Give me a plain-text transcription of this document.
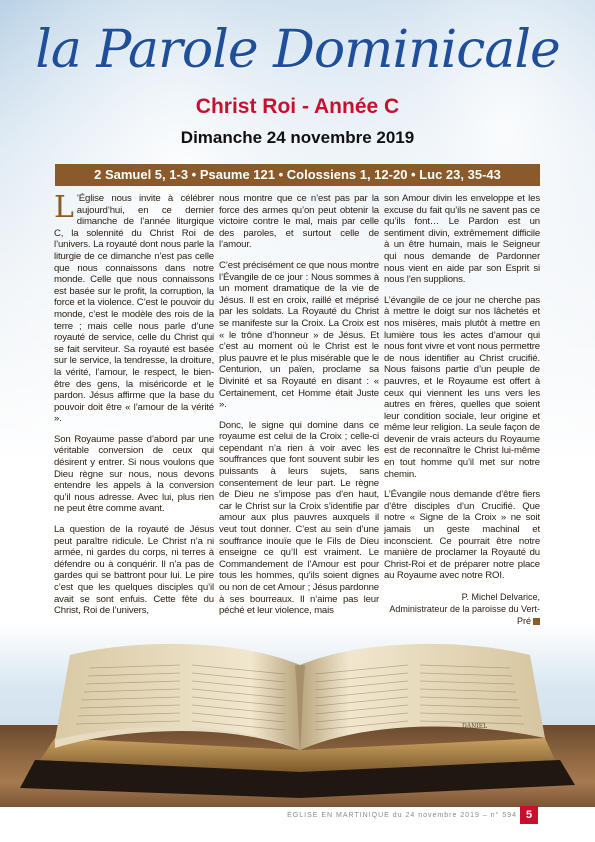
la Parole Dominicale
Christ Roi - Année C
Dimanche 24 novembre 2019
2 Samuel 5, 1-3 • Psaume 121 • Colossiens 1, 12-20 • Luc 23, 35-43

L ’Église nous invite à célébrer aujourd’hui, en ce dernier dimanche de l’année liturgique C, la solennité du Christ Roi de l’univers. La royauté dont nous parle la liturgie de ce dimanche n’est pas celle que nous connaissons dans notre monde. Celle que nous connaissons est basée sur le profit, la corruption, la force et la violence. C’est le pouvoir du monde, c’est le modèle des rois de la terre ; mais celle nous parle d’une royauté de service, celle du Christ qui se fait serviteur. Sa royauté est basée sur le service, la tendresse, la droiture, la vérité, l’amour, le respect, le bien-être des gens, la miséricorde et le pardon. Jésus affirme que la base du pouvoir doit être « l’amour de la vérité ».

Son Royaume passe d’abord par une véritable conversion de ceux qui désirent y entrer. Si nous voulons que Dieu règne sur nous, nous devons entendre les appels à la conversion qu’il nous adresse. Avec lui, plus rien ne peut être comme avant.

La question de la royauté de Jésus peut paraître ridicule. Le Christ n’a ni armée, ni gardes du corps, ni terres à défendre ou à conquérir. Il n’a pas de gardes qui se battront pour lui. Le pire c’est que les quelques disciples qu’il avait se sont enfuis. Cette fête du Christ, Roi de l’univers,

nous montre que ce n’est pas par la force des armes qu’on peut obtenir la victoire contre le mal, mais par celle des paroles, et surtout celle de l’amour.

C’est précisément ce que nous montre l’Évangile de ce jour : Nous sommes à un moment dramatique de la vie de Jésus. Il est en croix, raillé et méprisé par les soldats. La Royauté du Christ se manifeste sur la Croix. La Croix est « le trône d’honneur » de Jésus. Et c’est au moment où le Christ est le plus pauvre et le plus misérable que le Centurion, un païen, proclame sa Divinité et sa Royauté en disant : « Certainement, cet Homme était Juste ».

Donc, le signe qui domine dans ce royaume est celui de la Croix ; celle-ci cependant n’a rien à voir avec les souffrances que font souvent subir les puissants à leurs sujets, sans consentement de leur part. Le règne de Dieu ne s’impose pas d’en haut, car le Christ sur la Croix s’identifie par amour aux plus pauvres auxquels il veut tout donner. C’est au sein d’une souffrance inouïe que le Fils de Dieu enseigne ce qu’Il est vraiment. Le Commandement de l’Amour est pour tous les hommes, qu’ils soient dignes ou non de cet Amour ; Jésus pardonne à ses bourreaux. Il n’aime pas leur péché et leur violence, mais

son Amour divin les enveloppe et les excuse du fait qu’ils ne savent pas ce qu’ils font… Le Pardon est un sentiment divin, extrêmement difficile à un être humain, mais le Seigneur qui nous demande de Pardonner nous vient en aide par son Esprit si nous l’en supplions.

L’évangile de ce jour ne cherche pas à mettre le doigt sur nos lâchetés et nos misères, mais plutôt à mettre en lumière tous les actes d’amour qui nous font vivre et vont nous permettre de nous identifier au Christ crucifié. Nous faisons partie d’un peuple de pauvres, et le Royaume est offert à ceux qui viennent les uns vers les autres en frères, quelles que soient leur condition sociale, leur origine et même leur religion. La seule façon de devenir de vrais acteurs du Royaume est de reconnaître le Christ lui-même en tout homme qu’il met sur notre chemin.

L’Évangile nous demande d’être fiers d’être disciples d’un Crucifié. Que notre « Signe de la Croix » ne soit jamais un geste machinal et inconscient. Ce pourrait être notre manière de proclamer la Royauté du Christ-Roi et de préparer notre place au Royaume avec notre ROI.

P. Michel Delvarice,
Administrateur de la paroisse du Vert-Pré
DANIEL
ÉGLISE EN MARTINIQUE du 24 novembre 2019 – n° 594 5
